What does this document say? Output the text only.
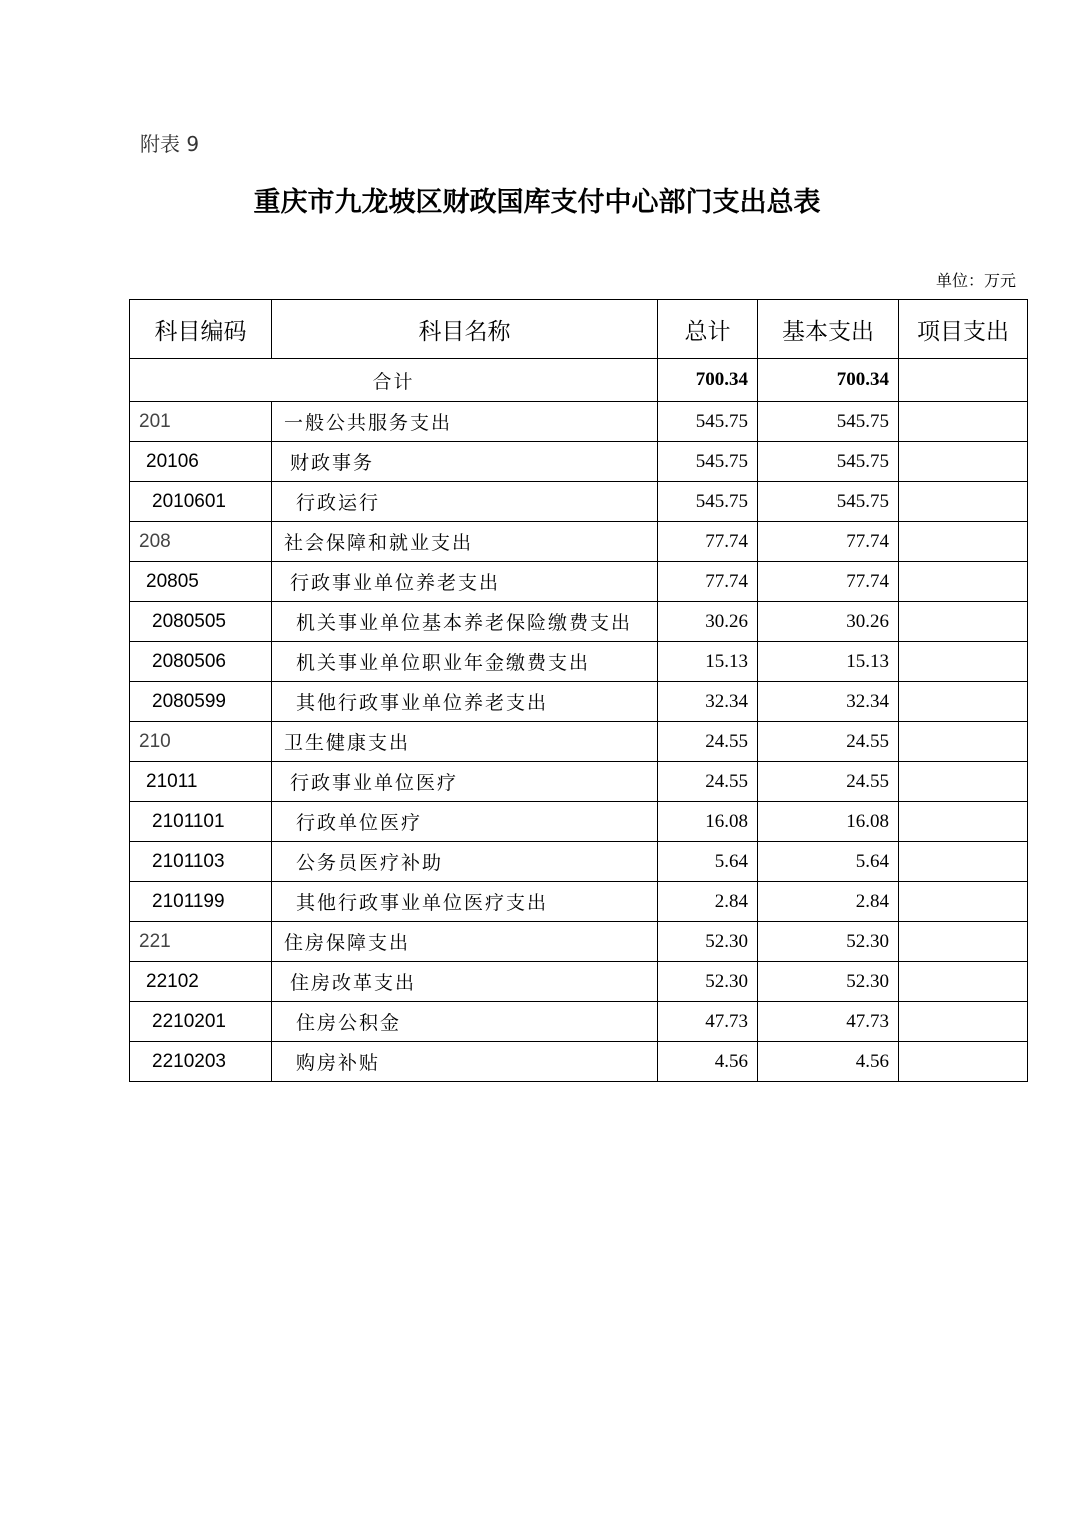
附表 9
重庆市九龙坡区财政国库支付中心部门支出总表
单位：万元
科目编码	科目名称	总计	基本支出	项目支出
合计		700.34	700.34	
201	一般公共服务支出	545.75	545.75	
20106	财政事务	545.75	545.75	
2010601	行政运行	545.75	545.75	
208	社会保障和就业支出	77.74	77.74	
20805	行政事业单位养老支出	77.74	77.74	
2080505	机关事业单位基本养老保险缴费支出	30.26	30.26	
2080506	机关事业单位职业年金缴费支出	15.13	15.13	
2080599	其他行政事业单位养老支出	32.34	32.34	
210	卫生健康支出	24.55	24.55	
21011	行政事业单位医疗	24.55	24.55	
2101101	行政单位医疗	16.08	16.08	
2101103	公务员医疗补助	5.64	5.64	
2101199	其他行政事业单位医疗支出	2.84	2.84	
221	住房保障支出	52.30	52.30	
22102	住房改革支出	52.30	52.30	
2210201	住房公积金	47.73	47.73	
2210203	购房补贴	4.56	4.56	
